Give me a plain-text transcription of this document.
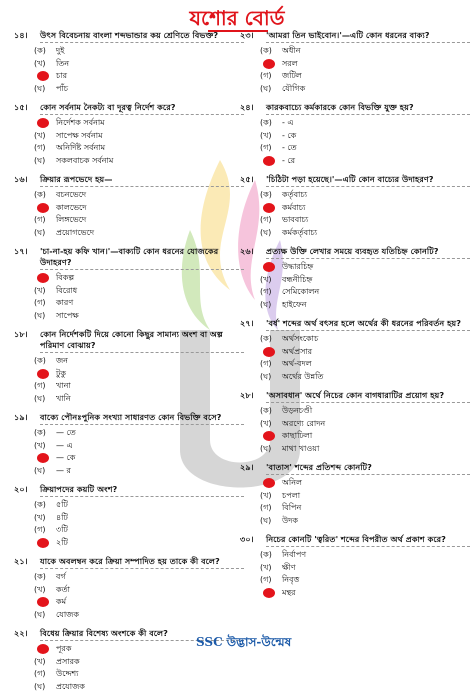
যশোর বোর্ড
১৪।	উৎস বিবেচনায় বাংলা শব্দভান্ডার কয় শ্রেণিতে বিভক্ত?
(ক)	দুই
(খ)	তিন
চার
(ঘ)	পাঁচ
১৫।	কোন সর্বনাম নৈকট্য বা দূরত্ব নির্দেশ করে?
নির্দেশক সর্বনাম
(খ)	সাপেক্ষ সর্বনাম
(গ)	অনির্দিষ্ট সর্বনাম
(ঘ)	সকলবাচক সর্বনাম
১৬।	ক্রিয়ার রূপভেদে হয়—
(ক)	বচনভেদে
কালভেদে
(গ)	লিঙ্গভেদে
(ঘ)	প্রয়োগভেদে
১৭।	'চা-না-হয় কফি খান।'—বাক্যটি কোন ধরনের যোজকের উদাহরণ?
বিকল্প
(খ)	বিরোধ
(গ)	কারণ
(ঘ)	সাপেক্ষ
১৮।	কোন নির্দেশকটি দিয়ে কোনো কিছুর সামান্য অংশ বা অল্প পরিমাণ বোঝায়?
(ক)	জন
টুকু
(গ)	খানা
(ঘ)	খানি
১৯।	বাক্যে পৌনঃপুনিক সংখ্যা সাধারণত কোন বিভক্তি বসে?
(ক)	— তে
(খ)	— এ
— কে
(ঘ)	— র
২০।	ক্রিয়াপদের কয়টি অংশ?
(ক)	৫টি
(খ)	৪টি
(গ)	৩টি
২টি
২১।	যাকে অবলম্বন করে ক্রিয়া সম্পাদিত হয় তাকে কী বলে?
(ক)	বর্গ
(খ)	কর্তা
কর্ম
(ঘ)	যোজক
২২।	বিধেয় ক্রিয়ার বিশেষ্য অংশকে কী বলে?
পূরক
(খ)	প্রসারক
(গ)	উদ্দেশ্য
(ঘ)	প্রযোজক
২৩।	'আমরা তিন ভাইবোন।'—এটি কোন ধরনের বাক্য?
(ক)	অধীন
সরল
(গ)	জটিল
(ঘ)	যৌগিক
২৪।	কারকবাচ্যে কর্মকারকে কোন বিভক্তি যুক্ত হয়?
(ক)	- এ
(খ)	- কে
(গ)	- তে
- রে
২৫।	'চিঠিটা পড়া হয়েছে।'—এটি কোন বাচ্যের উদাহরণ?
(ক)	কর্তৃবাচ্য
কর্মবাচ্য
(গ)	ভাববাচ্য
(ঘ)	কর্মকর্তৃবাচ্য
২৬।	প্রত্যক্ষ উক্তি লেখার সময়ে ব্যবহৃত যতিচিহ্ন কোনটি?
উদ্ধারচিহ্ন
(খ)	বন্ধনীচিহ্ন
(গ)	সেমিকোলন
(ঘ)	হাইফেন
২৭।	'বর্ষ' শব্দের অর্থ বৎসর হলে অর্থের কী ধরনের পরিবর্তন হয়?
(ক)	অর্থসংকোচ
অর্থপ্রসার
(গ)	অর্থ-বদল
(ঘ)	অর্থের উন্নতি
২৮।	'অসাবধান' অর্থে নিচের কোন বাগধারাটির প্রয়োগ হয়?
(ক)	উড়নচণ্ডী
(খ)	অরণ্যে রোদন
কাছাঢিলা
(ঘ)	মাথা খাওয়া
২৯।	'বাতাস' শব্দের প্রতিশব্দ কোনটি?
অনিল
(খ)	চপলা
(গ)	বিপিন
(ঘ)	উদক
৩০।	নিচের কোনটি 'ত্বরিত' শব্দের বিপরীত অর্থ প্রকাশ করে?
(ক)	নির্বাপণ
(খ)	ক্ষীণ
(গ)	নিবৃত্ত
মন্থর
SSC উদ্ভাস-উন্মেষ
